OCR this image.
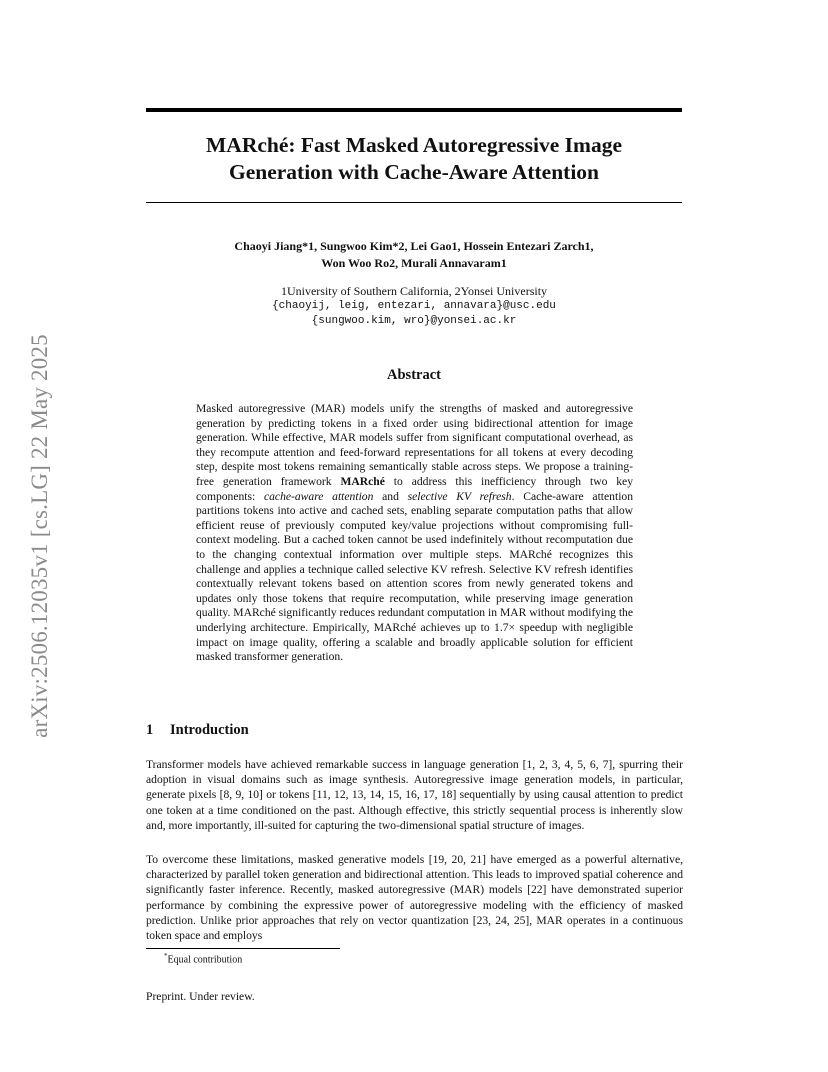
arXiv:2506.12035v1 [cs.LG] 22 May 2025
MARché: Fast Masked Autoregressive Image
Generation with Cache-Aware Attention
Chaoyi Jiang*1, Sungwoo Kim*2, Lei Gao1, Hossein Entezari Zarch1,
Won Woo Ro2, Murali Annavaram1
1University of Southern California, 2Yonsei University
{chaoyij, leig, entezari, annavara}@usc.edu
{sungwoo.kim, wro}@yonsei.ac.kr
Abstract

Masked autoregressive (MAR) models unify the strengths of masked and autoregressive generation by predicting tokens in a fixed order using bidirectional attention for image generation. While effective, MAR models suffer from significant computational overhead, as they recompute attention and feed-forward representations for all tokens at every decoding step, despite most tokens remaining semantically stable across steps. We propose a training-free generation framework MARché to address this inefficiency through two key components: cache-aware attention and selective KV refresh. Cache-aware attention partitions tokens into active and cached sets, enabling separate computation paths that allow efficient reuse of previously computed key/value projections without compromising full-context modeling. But a cached token cannot be used indefinitely without recomputation due to the changing contextual information over multiple steps. MARché recognizes this challenge and applies a technique called selective KV refresh. Selective KV refresh identifies contextually relevant tokens based on attention scores from newly generated tokens and updates only those tokens that require recomputation, while preserving image generation quality. MARché significantly reduces redundant computation in MAR without modifying the underlying architecture. Empirically, MARché achieves up to 1.7× speedup with negligible impact on image quality, offering a scalable and broadly applicable solution for efficient masked transformer generation.

1 Introduction

Transformer models have achieved remarkable success in language generation [1, 2, 3, 4, 5, 6, 7], spurring their adoption in visual domains such as image synthesis. Autoregressive image generation models, in particular, generate pixels [8, 9, 10] or tokens [11, 12, 13, 14, 15, 16, 17, 18] sequentially by using causal attention to predict one token at a time conditioned on the past. Although effective, this strictly sequential process is inherently slow and, more importantly, ill-suited for capturing the two-dimensional spatial structure of images.

To overcome these limitations, masked generative models [19, 20, 21] have emerged as a powerful alternative, characterized by parallel token generation and bidirectional attention. This leads to improved spatial coherence and significantly faster inference. Recently, masked autoregressive (MAR) models [22] have demonstrated superior performance by combining the expressive power of autoregressive modeling with the efficiency of masked prediction. Unlike prior approaches that rely on vector quantization [23, 24, 25], MAR operates in a continuous token space and employs

*Equal contribution
Preprint. Under review.
